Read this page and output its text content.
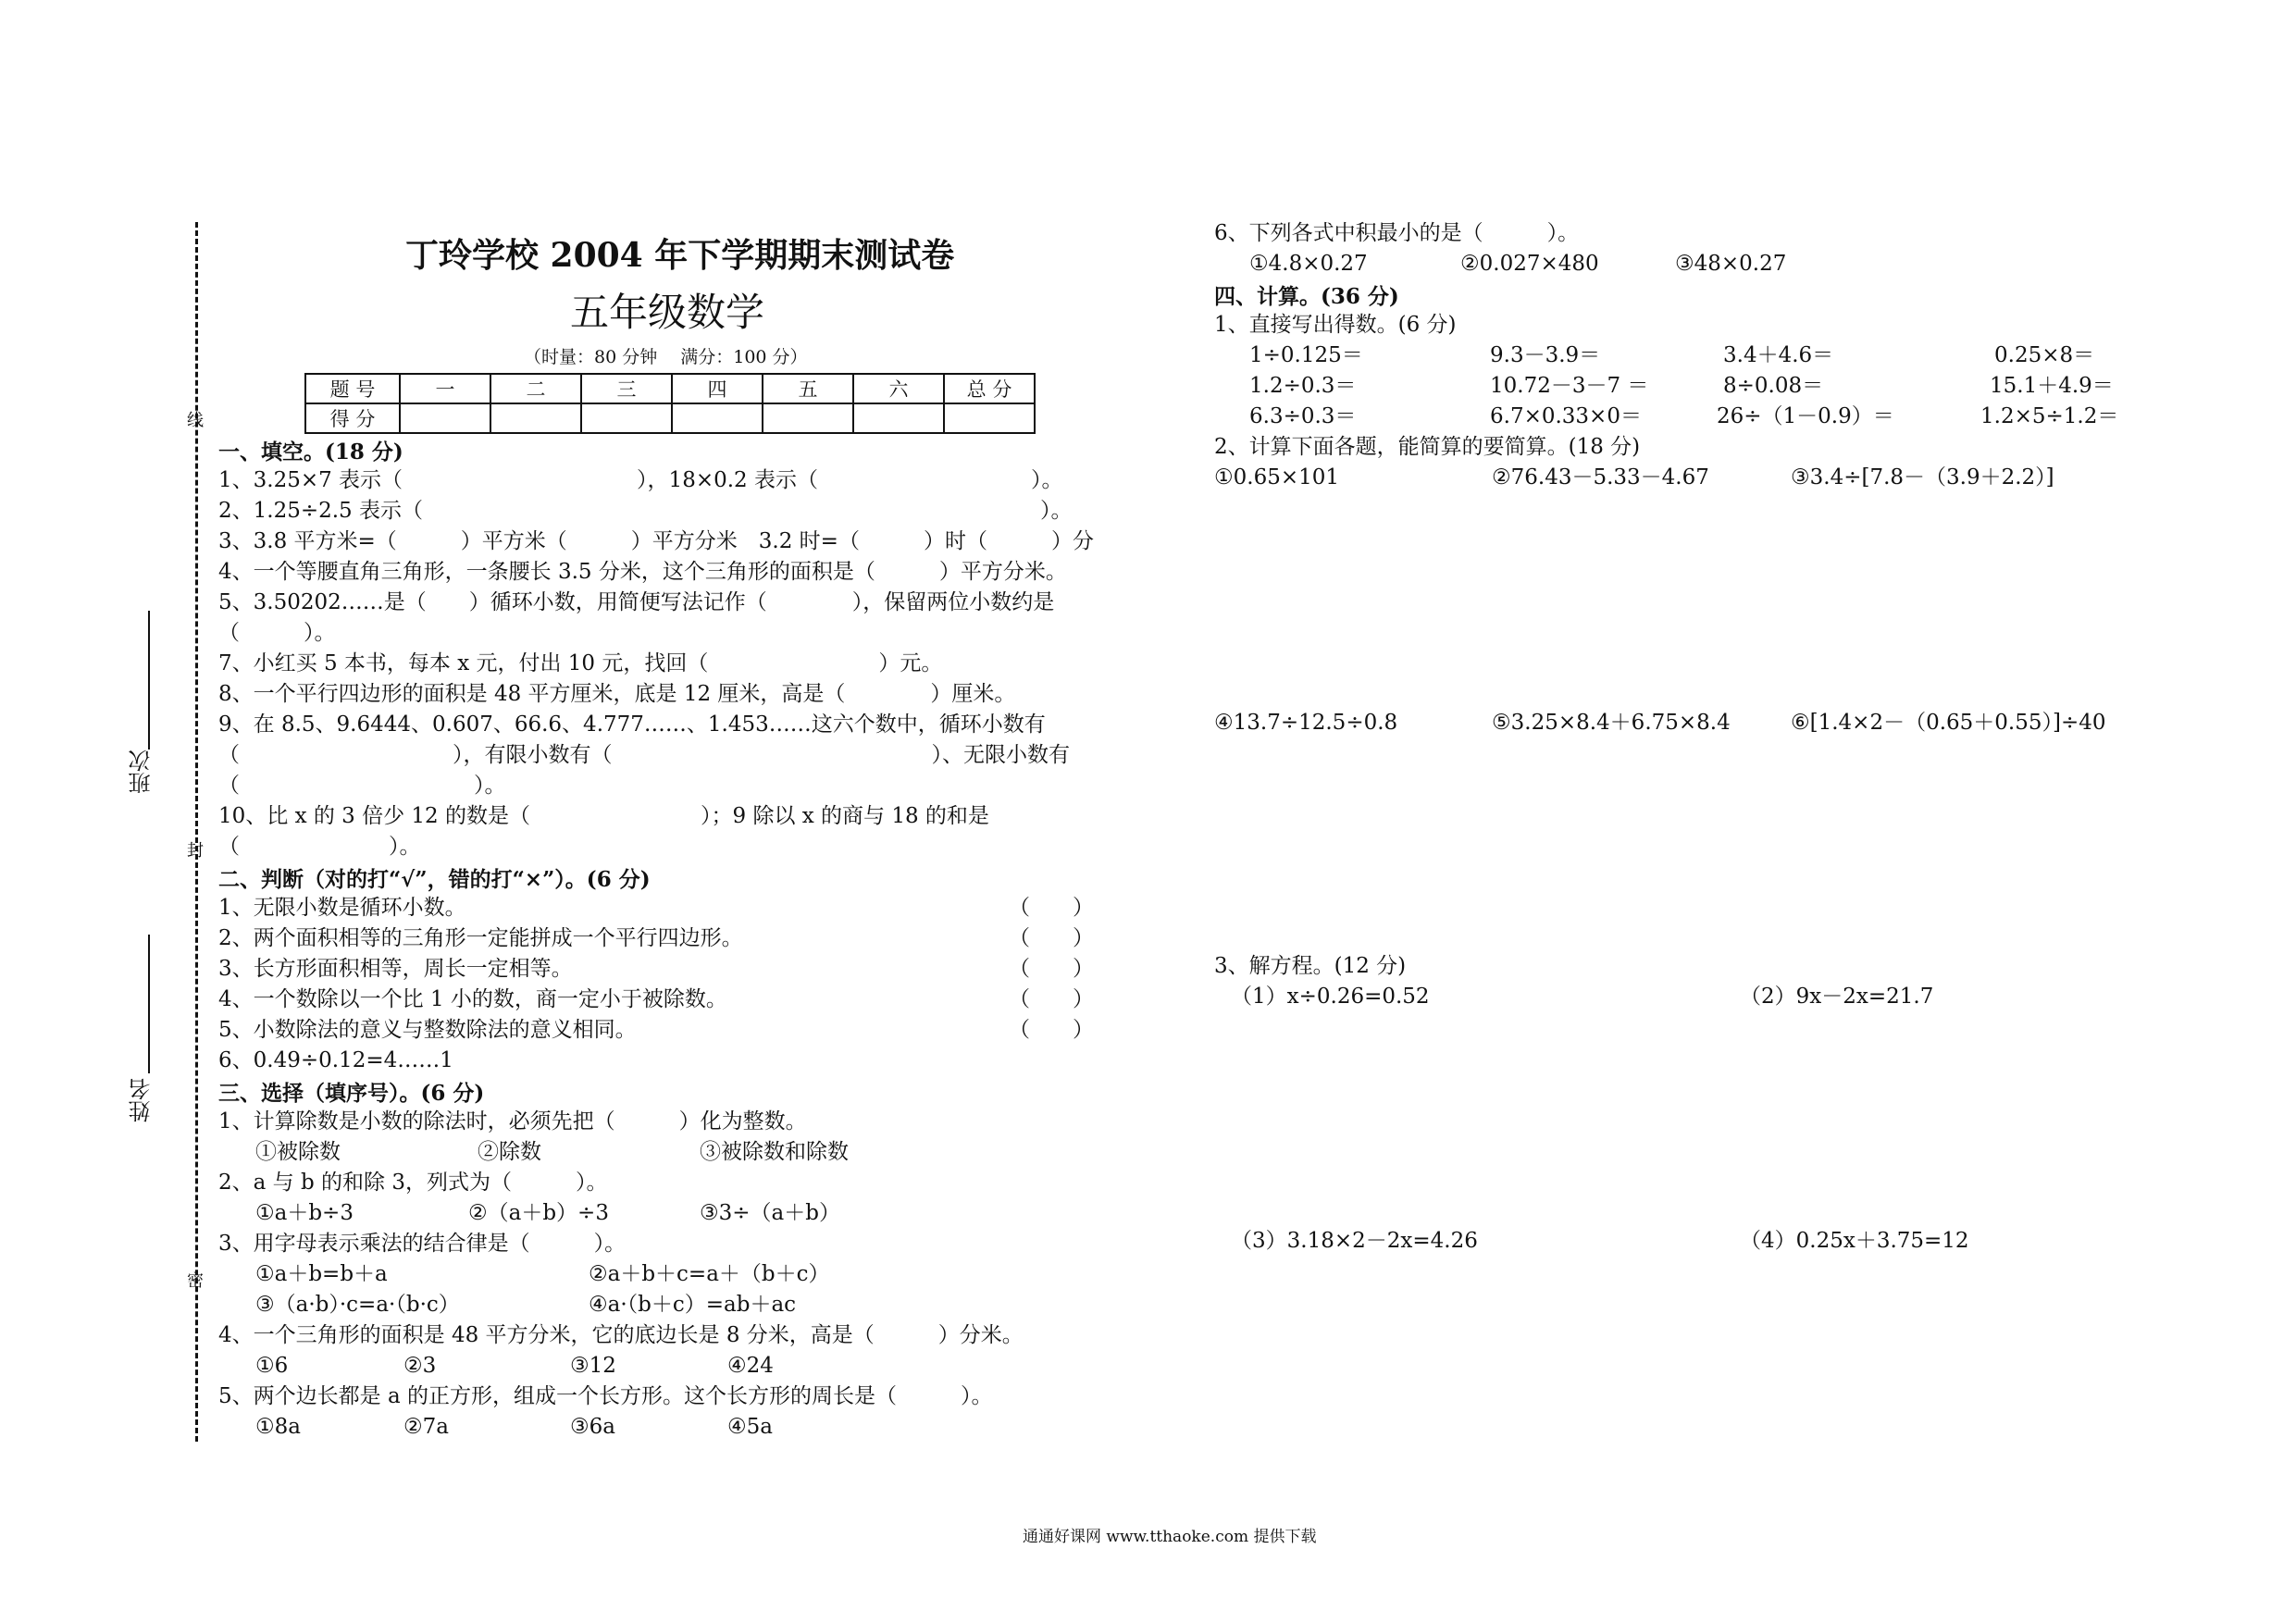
线
封
密
班次
姓名
丁玲学校 2004 年下学期期末测试卷
五年级数学
（时量：80 分钟　 满分：100 分）
题 号	一	二	三	四	五	六	总 分
得 分							
一、填空。(18 分)
1、3.25×7 表示（　　　　　　　　　　　），18×0.2 表示（　　　　　　　　　　）。
2、1.25÷2.5 表示（　　　　　　　　　　　　　　　　　　　　　　　　　　　　　）。
3、3.8 平方米=（　　　）平方米（　　　）平方分米　3.2 时=（　　　）时（　　　）分
4、一个等腰直角三角形，一条腰长 3.5 分米，这个三角形的面积是（　　　）平方分米。
5、3.50202……是（　　）循环小数，用简便写法记作（　　　　），保留两位小数约是
（　　　）。
7、小红买 5 本书，每本 x 元，付出 10 元，找回（　　　　　　　　）元。
8、一个平行四边形的面积是 48 平方厘米，底是 12 厘米，高是（　　　　）厘米。
9、在 8.5、9.6444、0.607、66.6、4.777……、1.453……这六个数中，循环小数有
（　　　　　　　　　　），有限小数有（　　　　　　　　　　　　　　　）、无限小数有
（　　　　　　　　　　　）。
10、比 x 的 3 倍少 12 的数是（　　　　　　　　）；9 除以 x 的商与 18 的和是
（　　　　　　　）。
二、判断（对的打“√”，错的打“×”）。(6 分)
1、无限小数是循环小数。	（　　）
2、两个面积相等的三角形一定能拼成一个平行四边形。	（　　）
3、长方形面积相等，周长一定相等。	（　　）
4、一个数除以一个比 1 小的数，商一定小于被除数。	（　　）
5、小数除法的意义与整数除法的意义相同。	（　　）
6、0.49÷0.12=4……1
三、选择（填序号）。(6 分)
1、计算除数是小数的除法时，必须先把（　　　）化为整数。
①被除数	②除数	③被除数和除数
2、a 与 b 的和除 3，列式为（　　　）。
①a＋b÷3	②（a＋b）÷3	③3÷（a＋b）
3、用字母表示乘法的结合律是（　　　）。
①a＋b=b＋a	②a＋b＋c=a＋（b＋c）
③（a·b）·c=a·（b·c）	④a·（b＋c）=ab＋ac
4、一个三角形的面积是 48 平方分米，它的底边长是 8 分米，高是（　　　）分米。
①6	②3	③12	④24
5、两个边长都是 a 的正方形，组成一个长方形。这个长方形的周长是（　　　）。
①8a	②7a	③6a	④5a
6、下列各式中积最小的是（　　　）。
①4.8×0.27	②0.027×480	③48×0.27
四、计算。(36 分)
1、直接写出得数。(6 分)
1÷0.125＝	9.3－3.9＝	3.4＋4.6＝	0.25×8＝
1.2÷0.3＝	10.72－3－7 ＝	8÷0.08＝	15.1＋4.9＝
6.3÷0.3＝	6.7×0.33×0＝	26÷（1－0.9）＝	1.2×5÷1.2＝
2、计算下面各题，能简算的要简算。(18 分)
①0.65×101	②76.43－5.33－4.67	③3.4÷[7.8－（3.9＋2.2）]
④13.7÷12.5÷0.8	⑤3.25×8.4＋6.75×8.4	⑥[1.4×2－（0.65＋0.55）]÷40
3、解方程。(12 分)
（1）x÷0.26=0.52	（2）9x－2x=21.7
（3）3.18×2－2x=4.26	（4）0.25x＋3.75=12
通通好课网 www.tthaoke.com 提供下载
